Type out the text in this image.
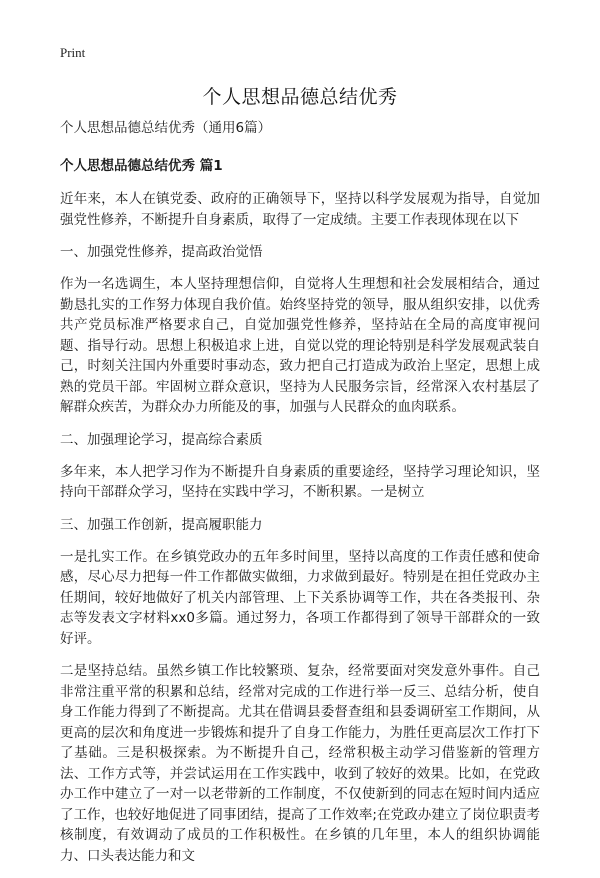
Print
个人思想品德总结优秀
个人思想品德总结优秀（通用6篇）
个人思想品德总结优秀 篇1
近年来，本人在镇党委、政府的正确领导下，坚持以科学发展观为指导，自觉加强党性修养，不断提升自身素质，取得了一定成绩。主要工作表现体现在以下
一、加强党性修养，提高政治觉悟
作为一名选调生，本人坚持理想信仰，自觉将人生理想和社会发展相结合，通过勤恳扎实的工作努力体现自我价值。始终坚持党的领导，服从组织安排，以优秀共产党员标准严格要求自己，自觉加强党性修养，坚持站在全局的高度审视问题、指导行动。思想上积极追求上进，自觉以党的理论特别是科学发展观武装自己，时刻关注国内外重要时事动态，致力把自己打造成为政治上坚定，思想上成熟的党员干部。牢固树立群众意识，坚持为人民服务宗旨，经常深入农村基层了解群众疾苦，为群众办力所能及的事，加强与人民群众的血肉联系。
二、加强理论学习，提高综合素质
多年来，本人把学习作为不断提升自身素质的重要途经，坚持学习理论知识，坚持向干部群众学习，坚持在实践中学习，不断积累。一是树立
三、加强工作创新，提高履职能力
一是扎实工作。在乡镇党政办的五年多时间里，坚持以高度的工作责任感和使命感，尽心尽力把每一件工作都做实做细，力求做到最好。特别是在担任党政办主任期间，较好地做好了机关内部管理、上下关系协调等工作，共在各类报刊、杂志等发表文字材料xx0多篇。通过努力，各项工作都得到了领导干部群众的一致好评。
二是坚持总结。虽然乡镇工作比较繁琐、复杂，经常要面对突发意外事件。自己非常注重平常的积累和总结，经常对完成的工作进行举一反三、总结分析，使自身工作能力得到了不断提高。尤其在借调县委督查组和县委调研室工作期间，从更高的层次和角度进一步锻炼和提升了自身工作能力，为胜任更高层次工作打下了基础。三是积极探索。为不断提升自己，经常积极主动学习借鉴新的管理方法、工作方式等，并尝试运用在工作实践中，收到了较好的效果。比如，在党政办工作中建立了一对一以老带新的工作制度，不仅使新到的同志在短时间内适应了工作，也较好地促进了同事团结，提高了工作效率;在党政办建立了岗位职责考核制度，有效调动了成员的工作积极性。在乡镇的几年里，本人的组织协调能力、口头表达能力和文
